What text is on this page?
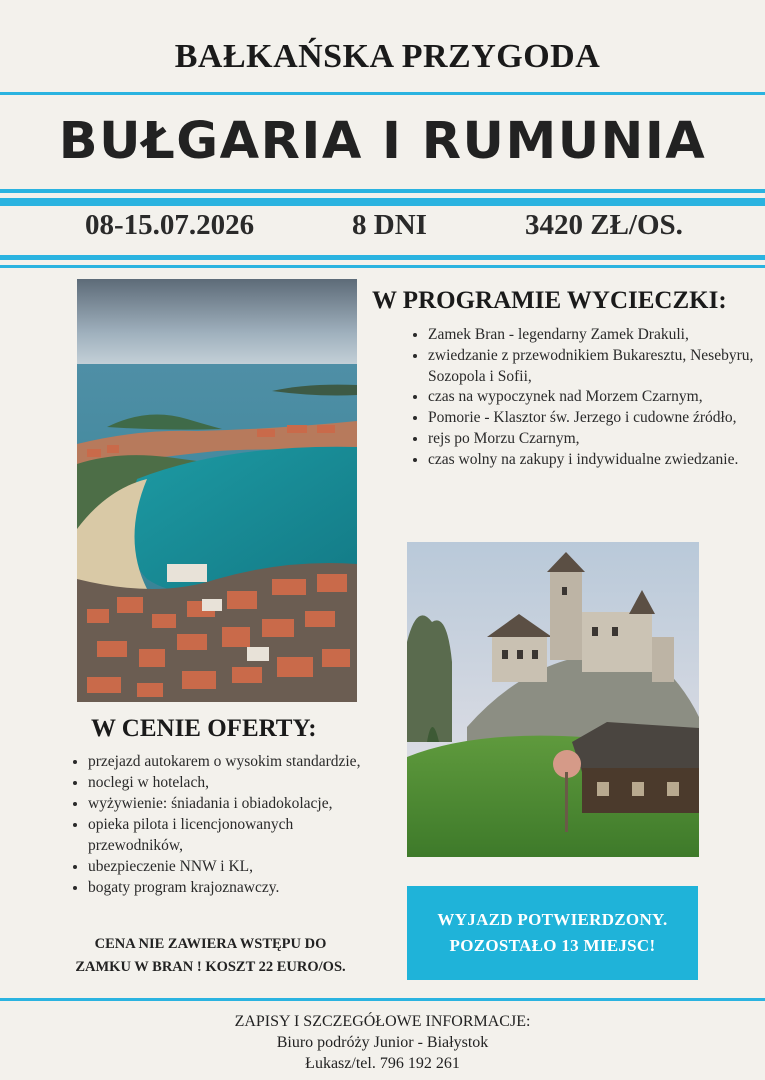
BAŁKAŃSKA PRZYGODA
BUŁGARIA I RUMUNIA
08-15.07.2026	8 DNI	3420 ZŁ/OS.
W PROGRAMIE WYCIECZKI:
• Zamek Bran - legendarny Zamek Drakuli,
• zwiedzanie z przewodnikiem Bukaresztu, Nesebyru, Sozopola i Sofii,
• czas na wypoczynek nad Morzem Czarnym,
• Pomorie - Klasztor św. Jerzego i cudowne źródło,
• rejs po Morzu Czarnym,
• czas wolny na zakupy i indywidualne zwiedzanie.
W CENIE OFERTY:
• przejazd autokarem o wysokim standardzie,
• noclegi w hotelach,
• wyżywienie: śniadania i obiadokolacje,
• opieka pilota i licencjonowanych przewodników,
• ubezpieczenie NNW i KL,
• bogaty program krajoznawczy.
CENA NIE ZAWIERA WSTĘPU DO
ZAMKU W BRAN ! KOSZT 22 EURO/OS.
WYJAZD POTWIERDZONY.
POZOSTAŁO 13 MIEJSC!
ZAPISY I SZCZEGÓŁOWE INFORMACJE:
Biuro podróży Junior - Białystok
Łukasz/tel. 796 192 261
